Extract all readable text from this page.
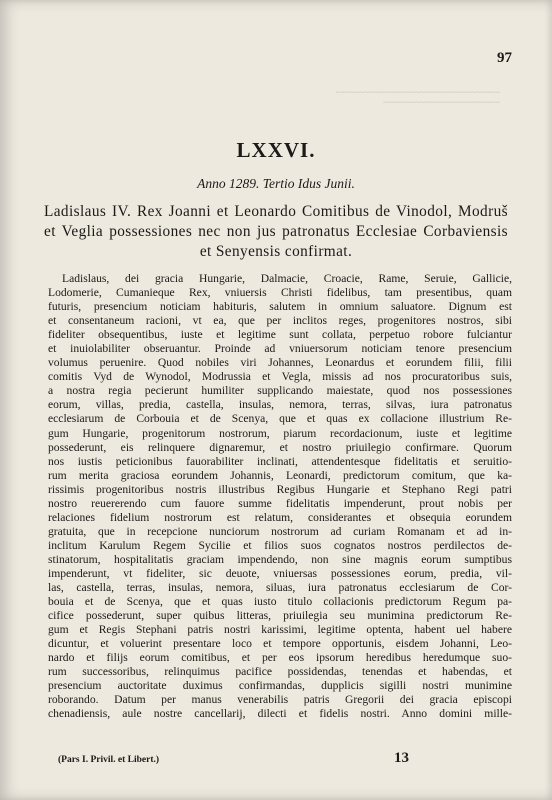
~~~~~~~~~~~~~~~~~~~~~~~~~~~~~~~~~~~~~~
~~~~~~~~~~~~~~~~~~~~~~~~~~~
97
LXXVI.
Anno 1289. Tertio Idus Junii.
Ladislaus IV. Rex Joanni et Leonardo Comitibus de Vinodol, Modruš et Veglia possessiones nec non jus patronatus Ecclesiae Corbaviensis et Senyensis confirmat.
Ladislaus, dei gracia Hungarie, Dalmacie, Croacie, Rame, Seruie, Gallicie,
Lodomerie, Cumanieque Rex, vniuersis Christi fidelibus, tam presentibus, quam
futuris, presencium noticiam habituris, salutem in omnium saluatore. Dignum est
et consentaneum racioni, vt ea, que per inclitos reges, progenitores nostros, sibi
fideliter obsequentibus, iuste et legitime sunt collata, perpetuo robore fulciantur
et inuiolabiliter obseruantur. Proinde ad vniuersorum noticiam tenore presencium
volumus peruenire. Quod nobiles viri Johannes, Leonardus et eorundem filii, filii
comitis Vyd de Wynodol, Modrussia et Vegla, missis ad nos procuratoribus suis,
a nostra regia pecierunt humiliter supplicando maiestate, quod nos possessiones
eorum, villas, predia, castella, insulas, nemora, terras, silvas, iura patronatus
ecclesiarum de Corbouia et de Scenya, que et quas ex collacione illustrium Re-
gum Hungarie, progenitorum nostrorum, piarum recordacionum, iuste et legitime
possederunt, eis relinquere dignaremur, et nostro priuilegio confirmare. Quorum
nos iustis peticionibus fauorabiliter inclinati, attendentesque fidelitatis et seruitio-
rum merita graciosa eorundem Johannis, Leonardi, predictorum comitum, que ka-
rissimis progenitoribus nostris illustribus Regibus Hungarie et Stephano Regi patri
nostro reuererendo cum fauore summe fidelitatis impenderunt, prout nobis per
relaciones fidelium nostrorum est relatum, considerantes et obsequia eorundem
gratuita, que in recepcione nunciorum nostrorum ad curiam Romanam et ad in-
inclitum Karulum Regem Sycilie et filios suos cognatos nostros perdilectos de-
stinatorum, hospitalitatis graciam impendendo, non sine magnis eorum sumptibus
impenderunt, vt fideliter, sic deuote, vniuersas possessiones eorum, predia, vil-
las, castella, terras, insulas, nemora, siluas, iura patronatus ecclesiarum de Cor-
bouia et de Scenya, que et quas iusto titulo collacionis predictorum Regum pa-
cifice possederunt, super quibus litteras, priuilegia seu munimina predictorum Re-
gum et Regis Stephani patris nostri karissimi, legitime optenta, habent uel habere
dicuntur, et voluerint presentare loco et tempore opportunis, eisdem Johanni, Leo-
nardo et filijs eorum comitibus, et per eos ipsorum heredibus heredumque suo-
rum successoribus, relinquimus pacifice possidendas, tenendas et habendas, et
presencium auctoritate duximus confirmandas, dupplicis sigilli nostri munimine
roborando. Datum per manus venerabilis patris Gregorii dei gracia episcopi
chenadiensis, aule nostre cancellarij, dilecti et fidelis nostri. Anno domini mille-
(Pars I. Privil. et Libert.)	13
